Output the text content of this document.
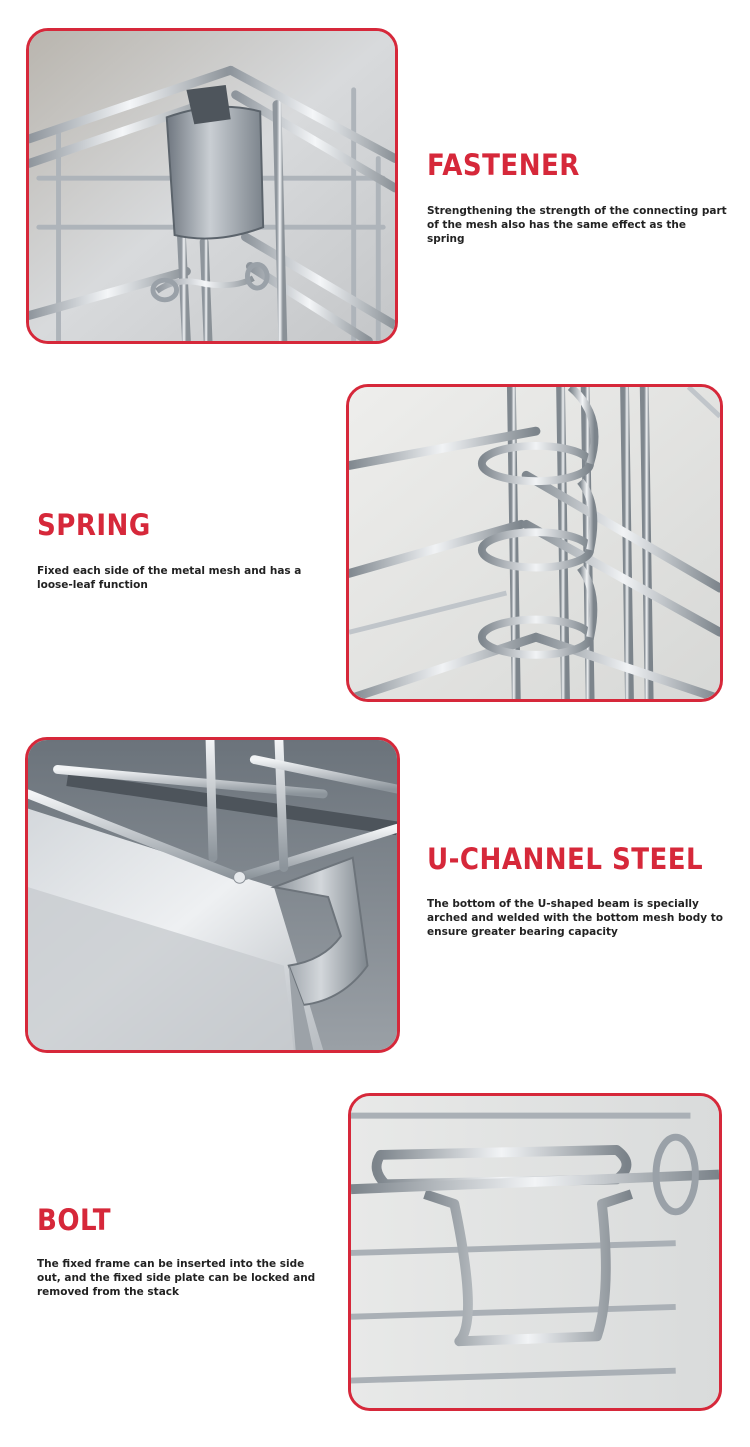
FASTENER

Strengthening the strength of the connecting part of the mesh also has the same effect as the spring

SPRING

Fixed each side of the metal mesh and has a loose-leaf function

U-CHANNEL STEEL

The bottom of the U-shaped beam is specially arched and welded with the bottom mesh body to ensure greater bearing capacity

BOLT

The fixed frame can be inserted into the side out, and the fixed side plate can be locked and removed from the stack
